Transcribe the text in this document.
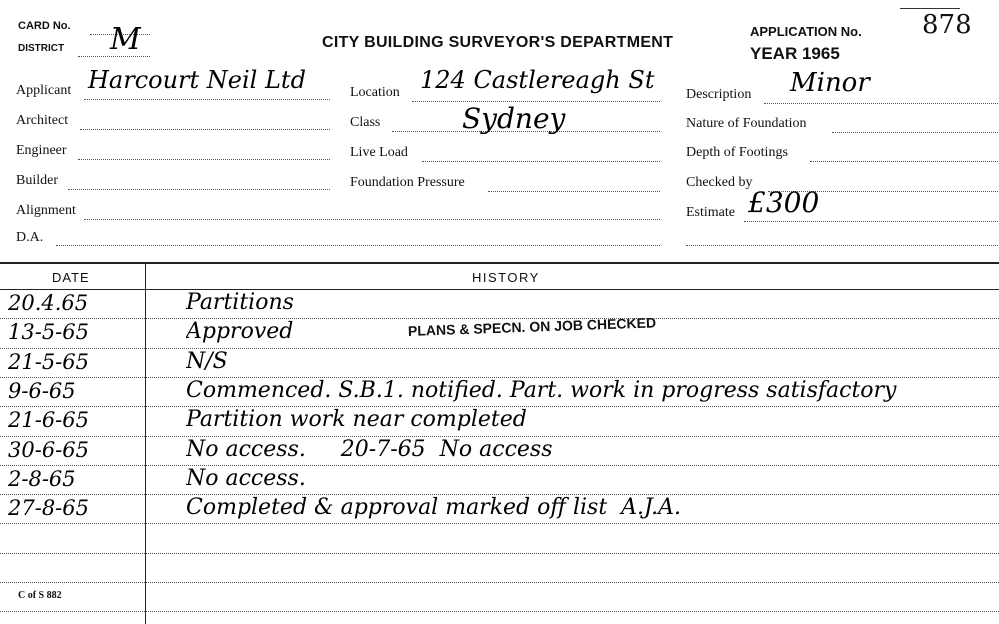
CARD No.
DISTRICT M	CITY BUILDING SURVEYOR'S DEPARTMENT
APPLICATION No. 878
YEAR 1965
Applicant Harcourt Neil Ltd
Architect
Engineer
Builder
Alignment
D.A.
Location 124 Castlereagh St
Class	Sydney
Live Load
Foundation Pressure
Description Minor
Nature of Foundation
Depth of Footings
Checked by
Estimate £300
DATE	HISTORY
20.4.65	Partitions
13-5-65	Approved	PLANS & SPECN. ON JOB CHECKED
21-5-65	N/S
9-6-65	Commenced. S.B.1. notified. Part. work in progress satisfactory
21-6-65	Partition work near completed
30-6-65	No access.     20-7-65  No access
2-8-65	No access.
27-8-65	Completed & approval marked off list  A.J.A.
C of S 882
